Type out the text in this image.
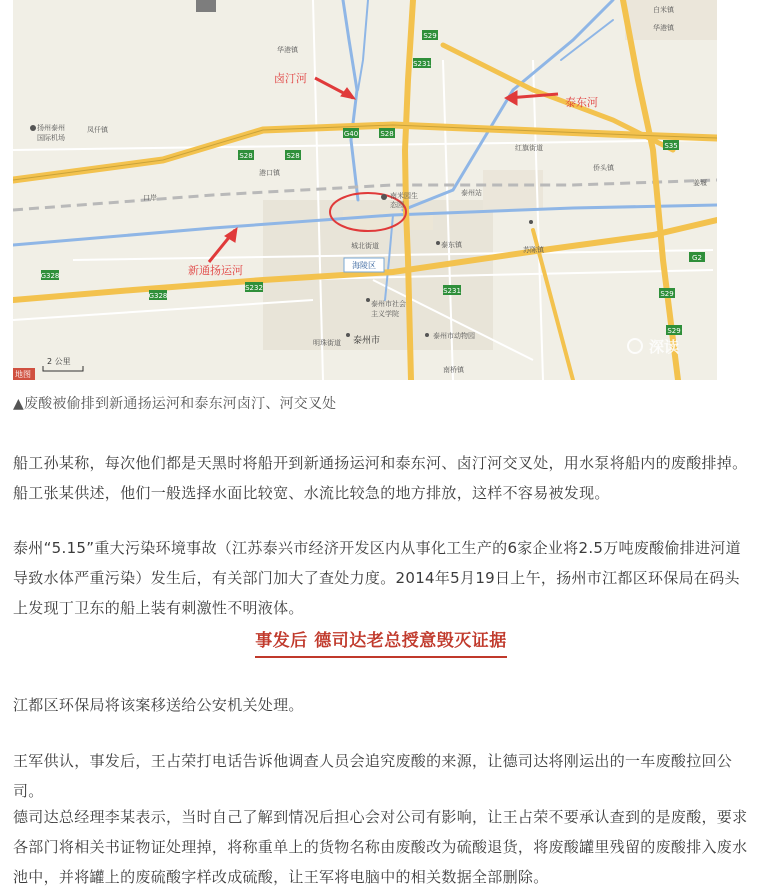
S28	S28
G40	S28
S29
S231
S231
G328
S232
G328
S35
S29
S29
G2
卤汀河
泰东河
新通扬运河
华港镇
扬州泰州
国际机场
凤仟镇
港口镇
红旗街道
侨头镇
泰州站
南米园生
态园
城北街道	泰东镇
苏陈镇
泰州市社会
主义学院
泰州市动物园
明珠街道
南桥镇
华港镇
白米镇
姜堰
口岸
海陵区
泰州市
2 公里
地图
深读
▲废酸被偷排到新通扬运河和泰东河卤汀、河交叉处

船工孙某称，每次他们都是天黑时将船开到新通扬运河和泰东河、卤汀河交叉处，用水泵将船内的废酸排掉。船工张某供述，他们一般选择水面比较宽、水流比较急的地方排放，这样不容易被发现。

泰州“5.15”重大污染环境事故（江苏泰兴市经济开发区内从事化工生产的6家企业将2.5万吨废酸偷排进河道导致水体严重污染）发生后，有关部门加大了查处力度。2014年5月19日上午，扬州市江都区环保局在码头上发现丁卫东的船上装有刺激性不明液体。

事发后 德司达老总授意毁灭证据

江都区环保局将该案移送给公安机关处理。

王军供认，事发后，王占荣打电话告诉他调查人员会追究废酸的来源，让德司达将刚运出的一车废酸拉回公司。

德司达总经理李某表示，当时自己了解到情况后担心会对公司有影响，让王占荣不要承认查到的是废酸，要求各部门将相关书证物证处理掉，将称重单上的货物名称由废酸改为硫酸退货，将废酸罐里残留的废酸排入废水池中，并将罐上的废硫酸字样改成硫酸，让王军将电脑中的相关数据全部删除。
